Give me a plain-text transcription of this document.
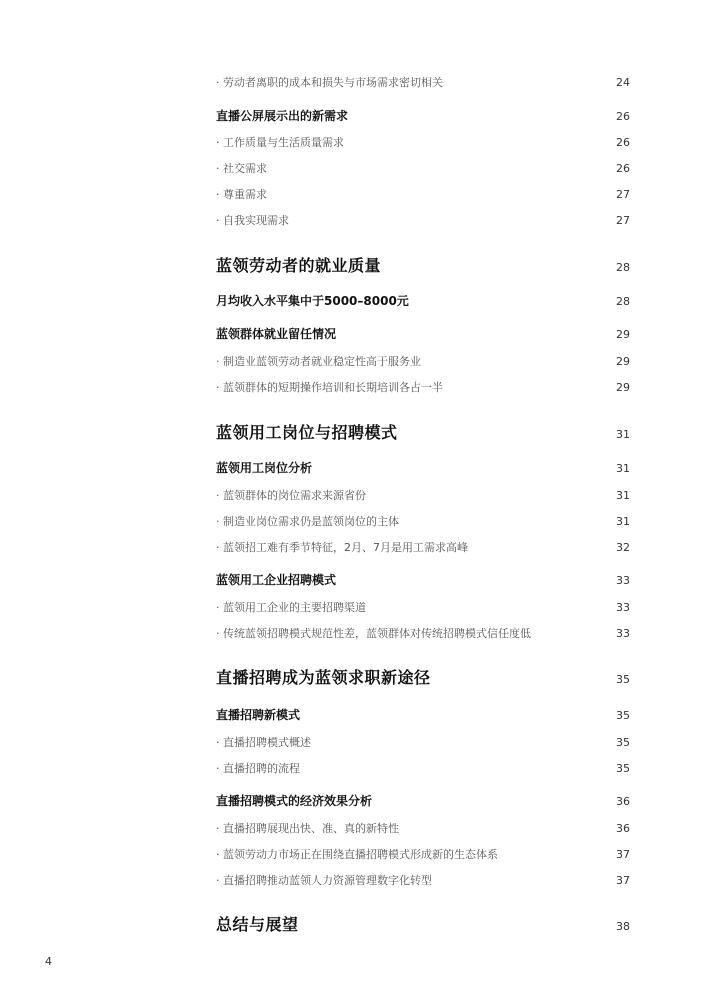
· 劳动者离职的成本和损失与市场需求密切相关	24
直播公屏展示出的新需求	26
· 工作质量与生活质量需求	26
· 社交需求	26
· 尊重需求	27
· 自我实现需求	27
蓝领劳动者的就业质量	28
月均收入水平集中于5000–8000元	28
蓝领群体就业留任情况	29
· 制造业蓝领劳动者就业稳定性高于服务业	29
· 蓝领群体的短期操作培训和长期培训各占一半	29
蓝领用工岗位与招聘模式	31
蓝领用工岗位分析	31
· 蓝领群体的岗位需求来源省份	31
· 制造业岗位需求仍是蓝领岗位的主体	31
· 蓝领招工难有季节特征，2月、7月是用工需求高峰	32
蓝领用工企业招聘模式	33
· 蓝领用工企业的主要招聘渠道	33
· 传统蓝领招聘模式规范性差，蓝领群体对传统招聘模式信任度低	33
直播招聘成为蓝领求职新途径	35
直播招聘新模式	35
· 直播招聘模式概述	35
· 直播招聘的流程	35
直播招聘模式的经济效果分析	36
· 直播招聘展现出快、准、真的新特性	36
· 蓝领劳动力市场正在围绕直播招聘模式形成新的生态体系	37
· 直播招聘推动蓝领人力资源管理数字化转型	37
总结与展望	38
4
